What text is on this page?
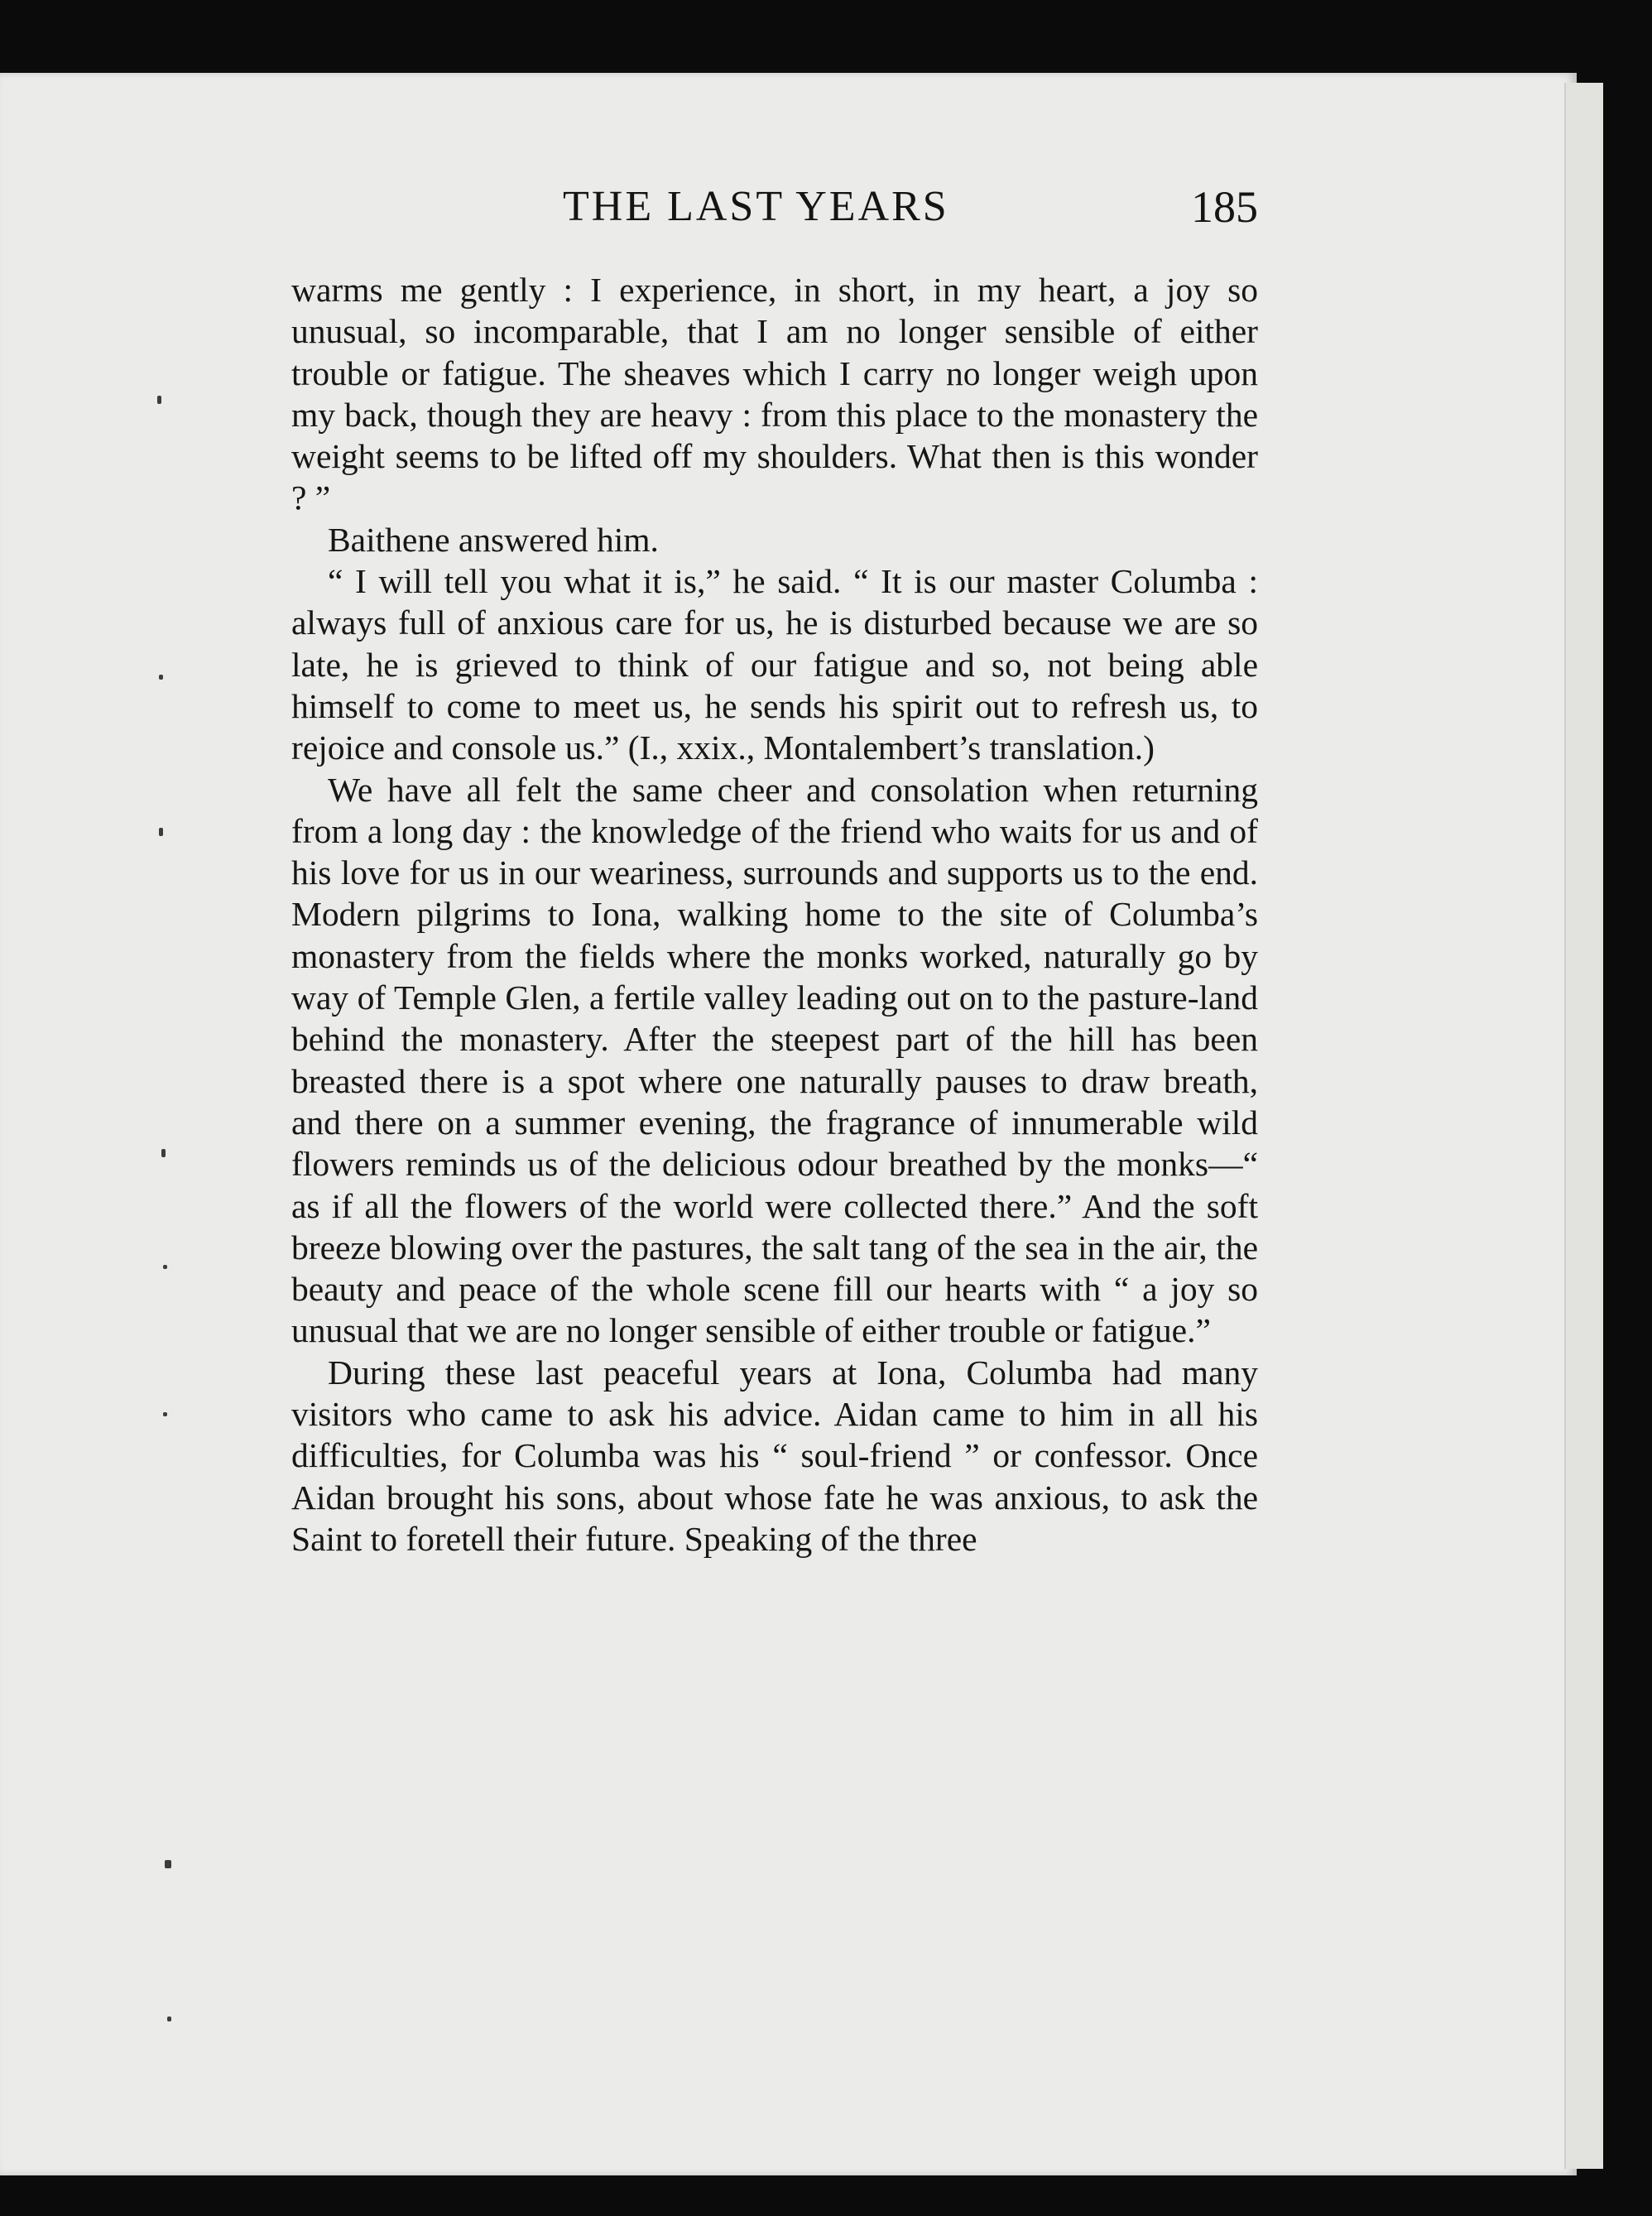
THE LAST YEARS	185

warms me gently : I experience, in short, in my heart, a joy so unusual, so incomparable, that I am no longer sensible of either trouble or fatigue. The sheaves which I carry no longer weigh upon my back, though they are heavy : from this place to the monastery the weight seems to be lifted off my shoulders. What then is this wonder ? ”

Baithene answered him.

“ I will tell you what it is,” he said. “ It is our master Columba : always full of anxious care for us, he is disturbed because we are so late, he is grieved to think of our fatigue and so, not being able himself to come to meet us, he sends his spirit out to refresh us, to rejoice and console us.” (I., xxix., Montalembert’s translation.)

We have all felt the same cheer and consolation when returning from a long day : the knowledge of the friend who waits for us and of his love for us in our weariness, surrounds and supports us to the end. Modern pilgrims to Iona, walking home to the site of Columba’s monastery from the fields where the monks worked, naturally go by way of Temple Glen, a fertile valley leading out on to the pasture-land behind the monastery. After the steepest part of the hill has been breasted there is a spot where one naturally pauses to draw breath, and there on a summer evening, the fragrance of innumerable wild flowers reminds us of the delicious odour breathed by the monks—“ as if all the flowers of the world were collected there.” And the soft breeze blowing over the pastures, the salt tang of the sea in the air, the beauty and peace of the whole scene fill our hearts with “ a joy so unusual that we are no longer sensible of either trouble or fatigue.”

During these last peaceful years at Iona, Columba had many visitors who came to ask his advice. Aidan came to him in all his difficulties, for Columba was his “ soul-friend ” or confessor. Once Aidan brought his sons, about whose fate he was anxious, to ask the Saint to foretell their future. Speaking of the three
